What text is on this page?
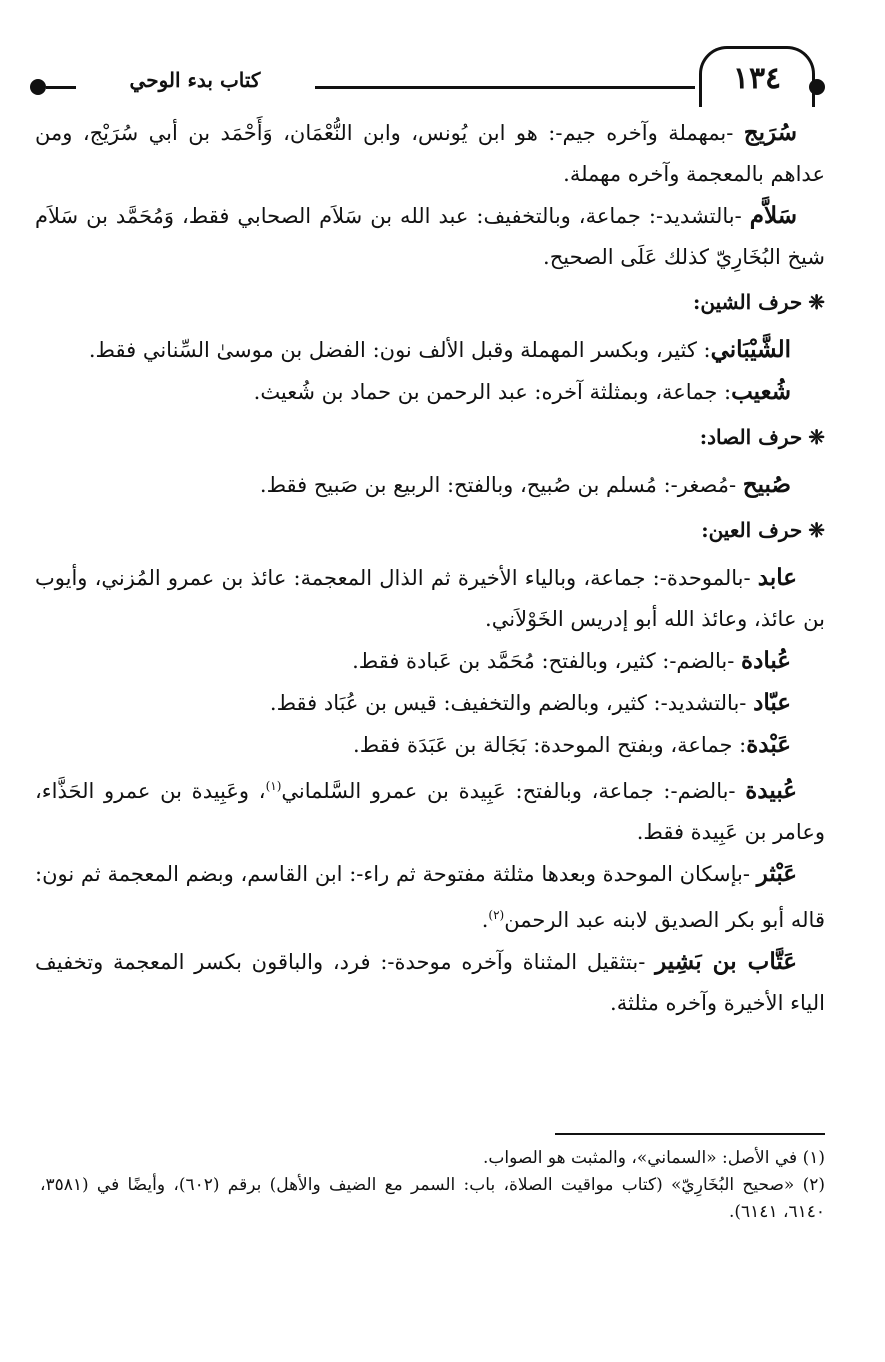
١٣٤
كتاب بدء الوحي

سُرَيج -بمهملة وآخره جيم-: هو ابن يُونس، وابن النُّعْمَان، وَأَحْمَد بن أبي سُرَيْج، ومن عداهم بالمعجمة وآخره مهملة.

سَلاَّم -بالتشديد-: جماعة، وبالتخفيف: عبد الله بن سَلاَم الصحابي فقط، وَمُحَمَّد بن سَلاَم شيخ البُخَارِيّ كذلك عَلَى الصحيح.

❈حرف الشين:

الشَّيْبَاني: كثير، وبكسر المهملة وقبل الألف نون: الفضل بن موسىٰ السِّناني فقط.

شُعيب: جماعة، وبمثلثة آخره: عبد الرحمن بن حماد بن شُعيث.

❈حرف الصاد:

صُبيح -مُصغر-: مُسلم بن صُبيح، وبالفتح: الربيع بن صَبيح فقط.

❈حرف العين:

عابد -بالموحدة-: جماعة، وبالياء الأخيرة ثم الذال المعجمة: عائذ بن عمرو المُزني، وأيوب بن عائذ، وعائذ الله أبو إدريس الخَوْلاَني.

عُبادة -بالضم-: كثير، وبالفتح: مُحَمَّد بن عَبادة فقط.

عبّاد -بالتشديد-: كثير، وبالضم والتخفيف: قيس بن عُبَاد فقط.

عَبْدة: جماعة، وبفتح الموحدة: بَجَالة بن عَبَدَة فقط.

عُبيدة -بالضم-: جماعة، وبالفتح: عَبِيدة بن عمرو السَّلماني$^{(١)}$، وعَبِيدة بن عمرو الحَذَّاء، وعامر بن عَبِيدة فقط.

عَبْثر -بإسكان الموحدة وبعدها مثلثة مفتوحة ثم راء-: ابن القاسم، وبضم المعجمة ثم نون: قاله أبو بكر الصديق لابنه عبد الرحمن$^{(٢)}$.

عَتَّاب بن بَشِير -بتثقيل المثناة وآخره موحدة-: فرد، والباقون بكسر المعجمة وتخفيف الياء الأخيرة وآخره مثلثة.

(١) في الأصل: «السماني»، والمثبت هو الصواب.

(٢) «صحيح البُخَارِيّ» (كتاب مواقيت الصلاة، باب: السمر مع الضيف والأهل) برقم (٦٠٢)، وأيضًا في (٣٥٨١، ٦١٤٠، ٦١٤١).
